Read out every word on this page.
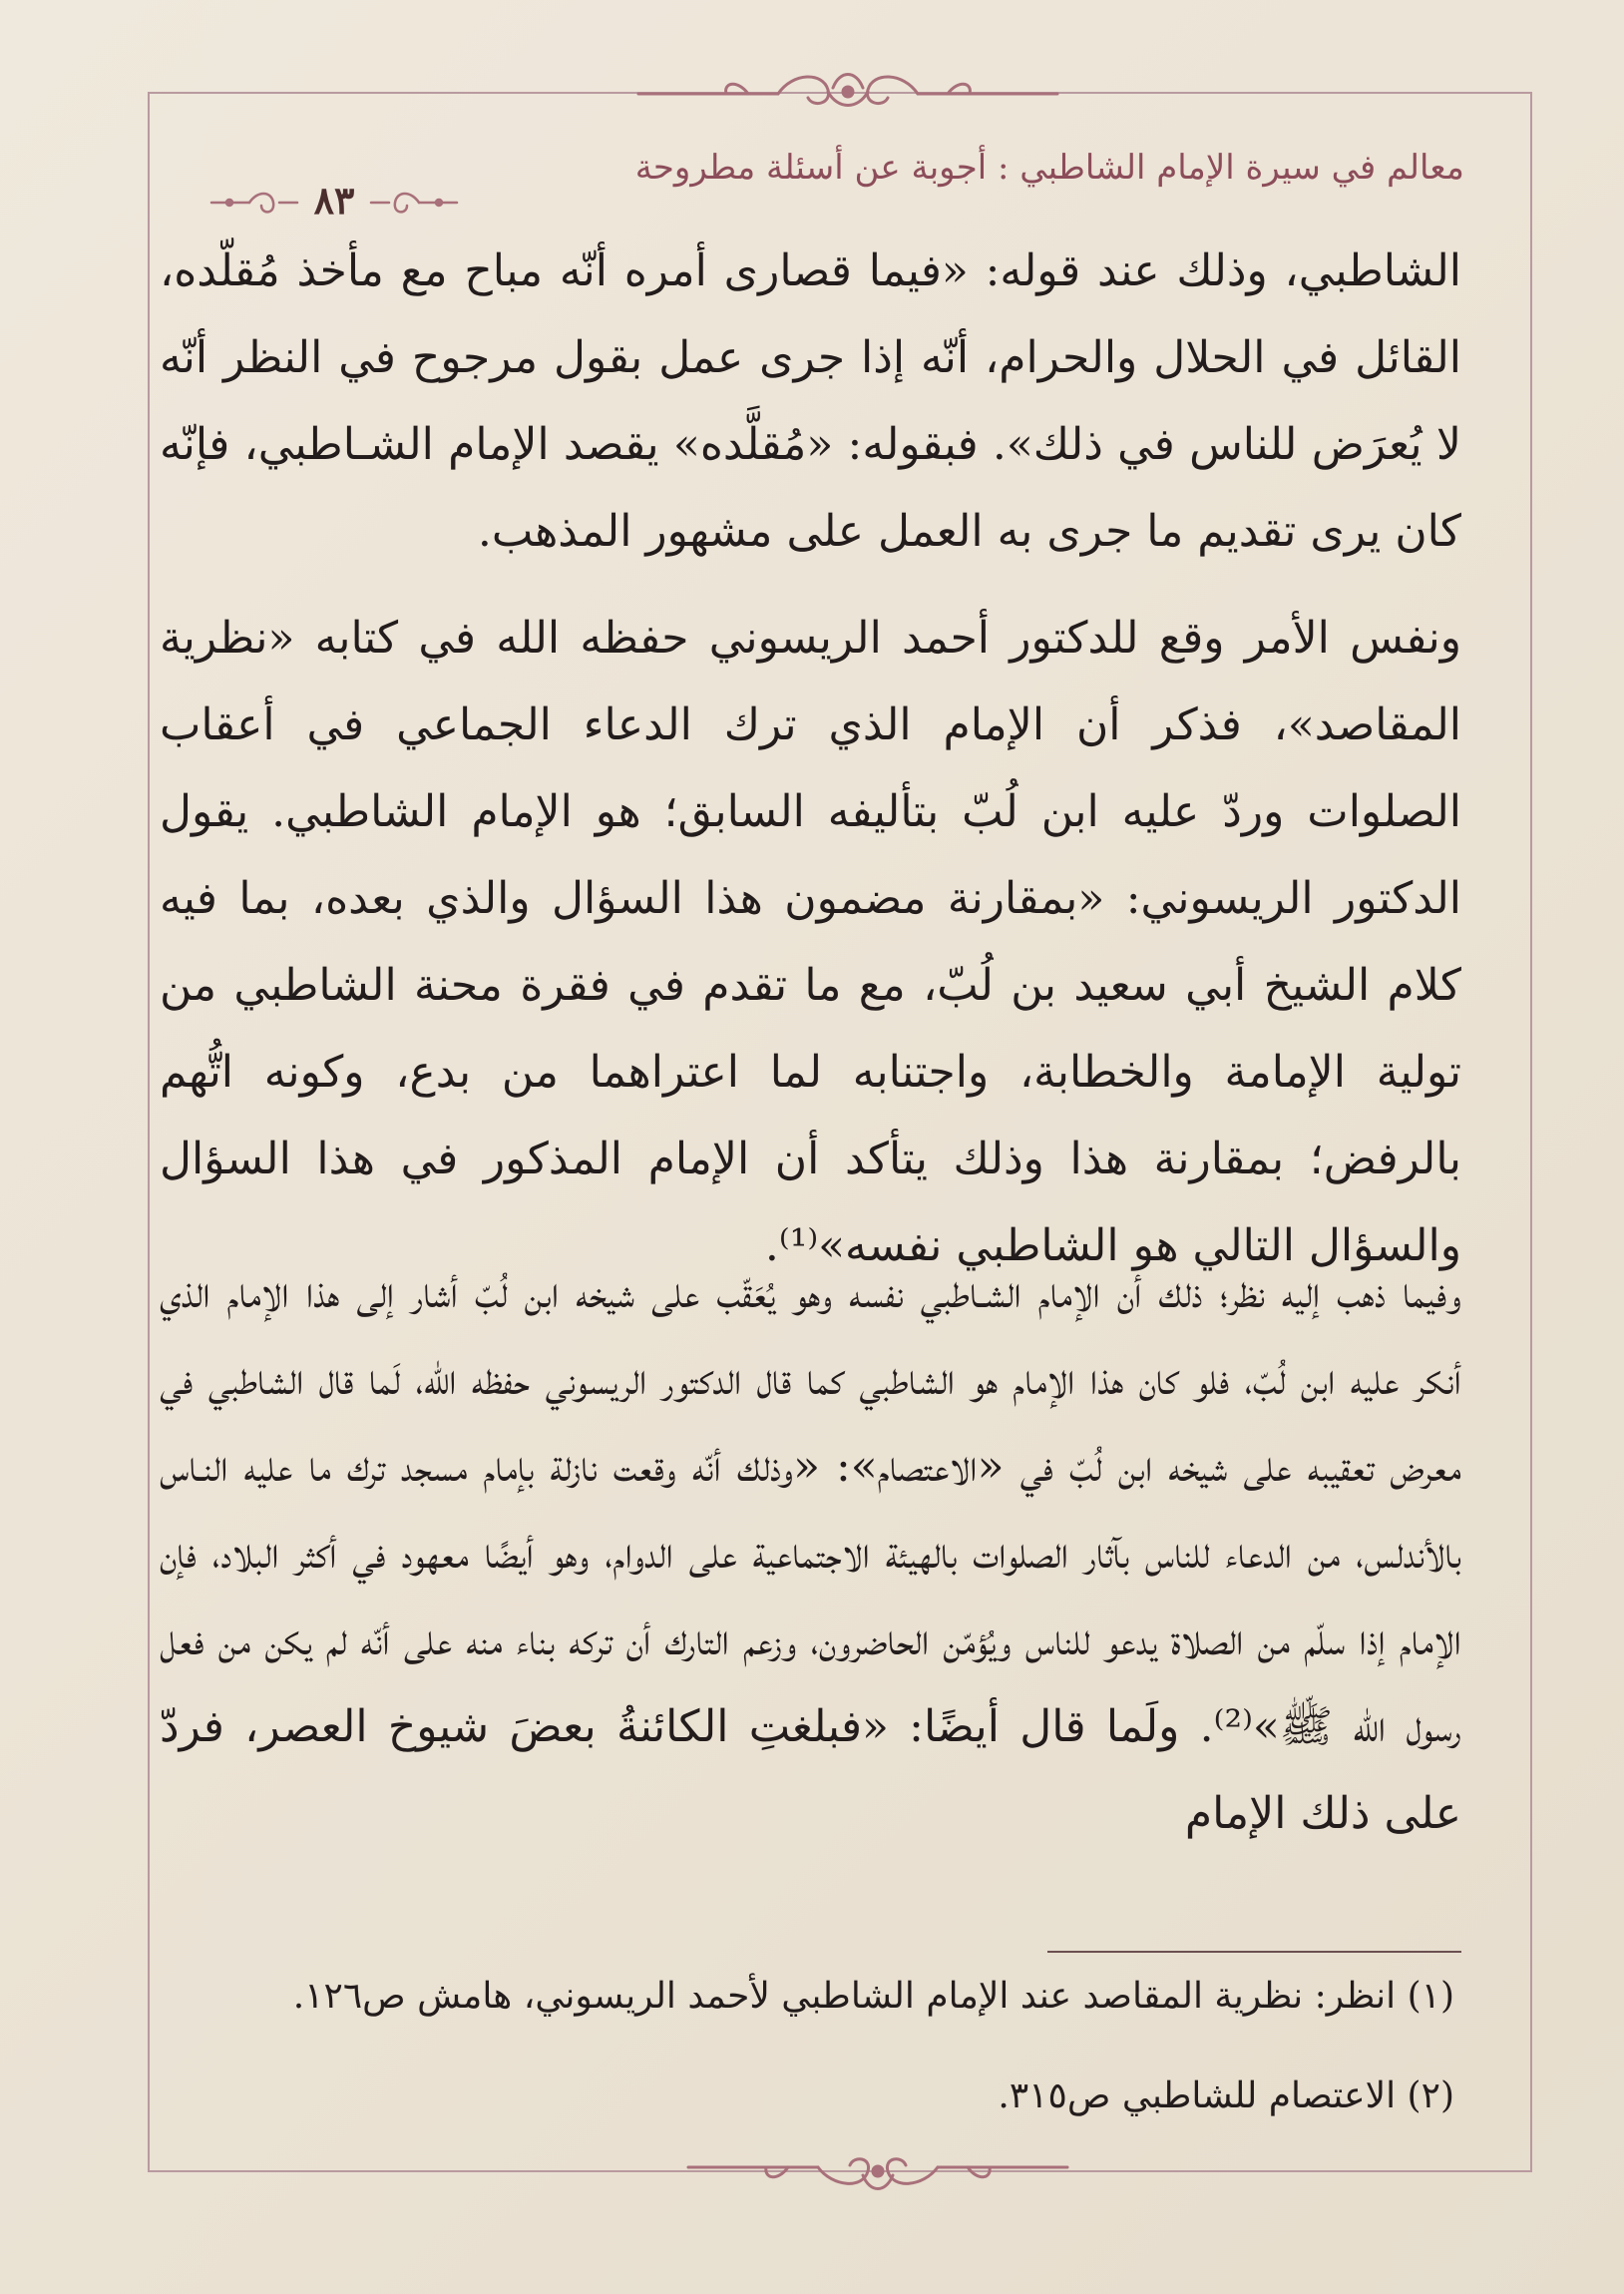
معالم في سيرة الإمام الشاطبي : أجوبة عن أسئلة مطروحة
٨٣

الشاطبي، وذلك عند قوله: «فيما قصارى أمره أنّه مباح مع مأخذ مُقلّده، القائل في الحلال والحرام، أنّه إذا جرى عمل بقول مرجوح في النظر أنّه لا يُعرَض للناس في ذلك». فبقوله: «مُقلَّده» يقصد الإمام الشـاطبي، فإنّه كان يرى تقديم ما جرى به العمل على مشهور المذهب.

ونفس الأمر وقع للدكتور أحمد الريسوني حفظه الله في كتابه «نظرية المقاصد»، فذكر أن الإمام الذي ترك الدعاء الجماعي في أعقاب الصلوات وردّ عليه ابن لُبّ بتأليفه السابق؛ هو الإمام الشاطبي. يقول الدكتور الريسوني: «بمقارنة مضمون هذا السؤال والذي بعده، بما فيه كلام الشيخ أبي سعيد بن لُبّ، مع ما تقدم في فقرة محنة الشاطبي من تولية الإمامة والخطابة، واجتنابه لما اعتراهما من بدع، وكونه اتُّهم بالرفض؛ بمقارنة هذا وذلك يتأكد أن الإمام المذكور في هذا السؤال والسؤال التالي هو الشاطبي نفسه»⁽¹⁾.

وفيما ذهب إليه نظر؛ ذلك أن الإمام الشـاطبي نفسه وهو يُعَقّب على شيخه ابن لُبّ أشار إلى هذا الإمام الذي أنكر عليه ابن لُبّ، فلو كان هذا الإمام هو الشاطبي كما قال الدكتور الريسوني حفظه الله، لَما قال الشاطبي في معرض تعقيبه على شيخه ابن لُبّ في «الاعتصام»: «وذلك أنّه وقعت نازلة بإمام مسجد ترك ما عليه النـاس بالأندلس، من الدعاء للناس بآثار الصلوات بالهيئة الاجتماعية على الدوام، وهو أيضًا معهود في أكثر البلاد، فإن الإمام إذا سلّم من الصلاة يدعو للناس ويُؤمّن الحاضرون، وزعم التارك أن تركه بناء منه على أنّه لم يكن من فعل رسول الله ﷺ»⁽²⁾. ولَما قال أيضًا: «فبلغتِ الكائنةُ بعضَ شيوخ العصر، فردّ على ذلك الإمام

(١) انظر: نظرية المقاصد عند الإمام الشاطبي لأحمد الريسوني، هامش ص١٢٦.
(٢) الاعتصام للشاطبي ص٣١٥.
